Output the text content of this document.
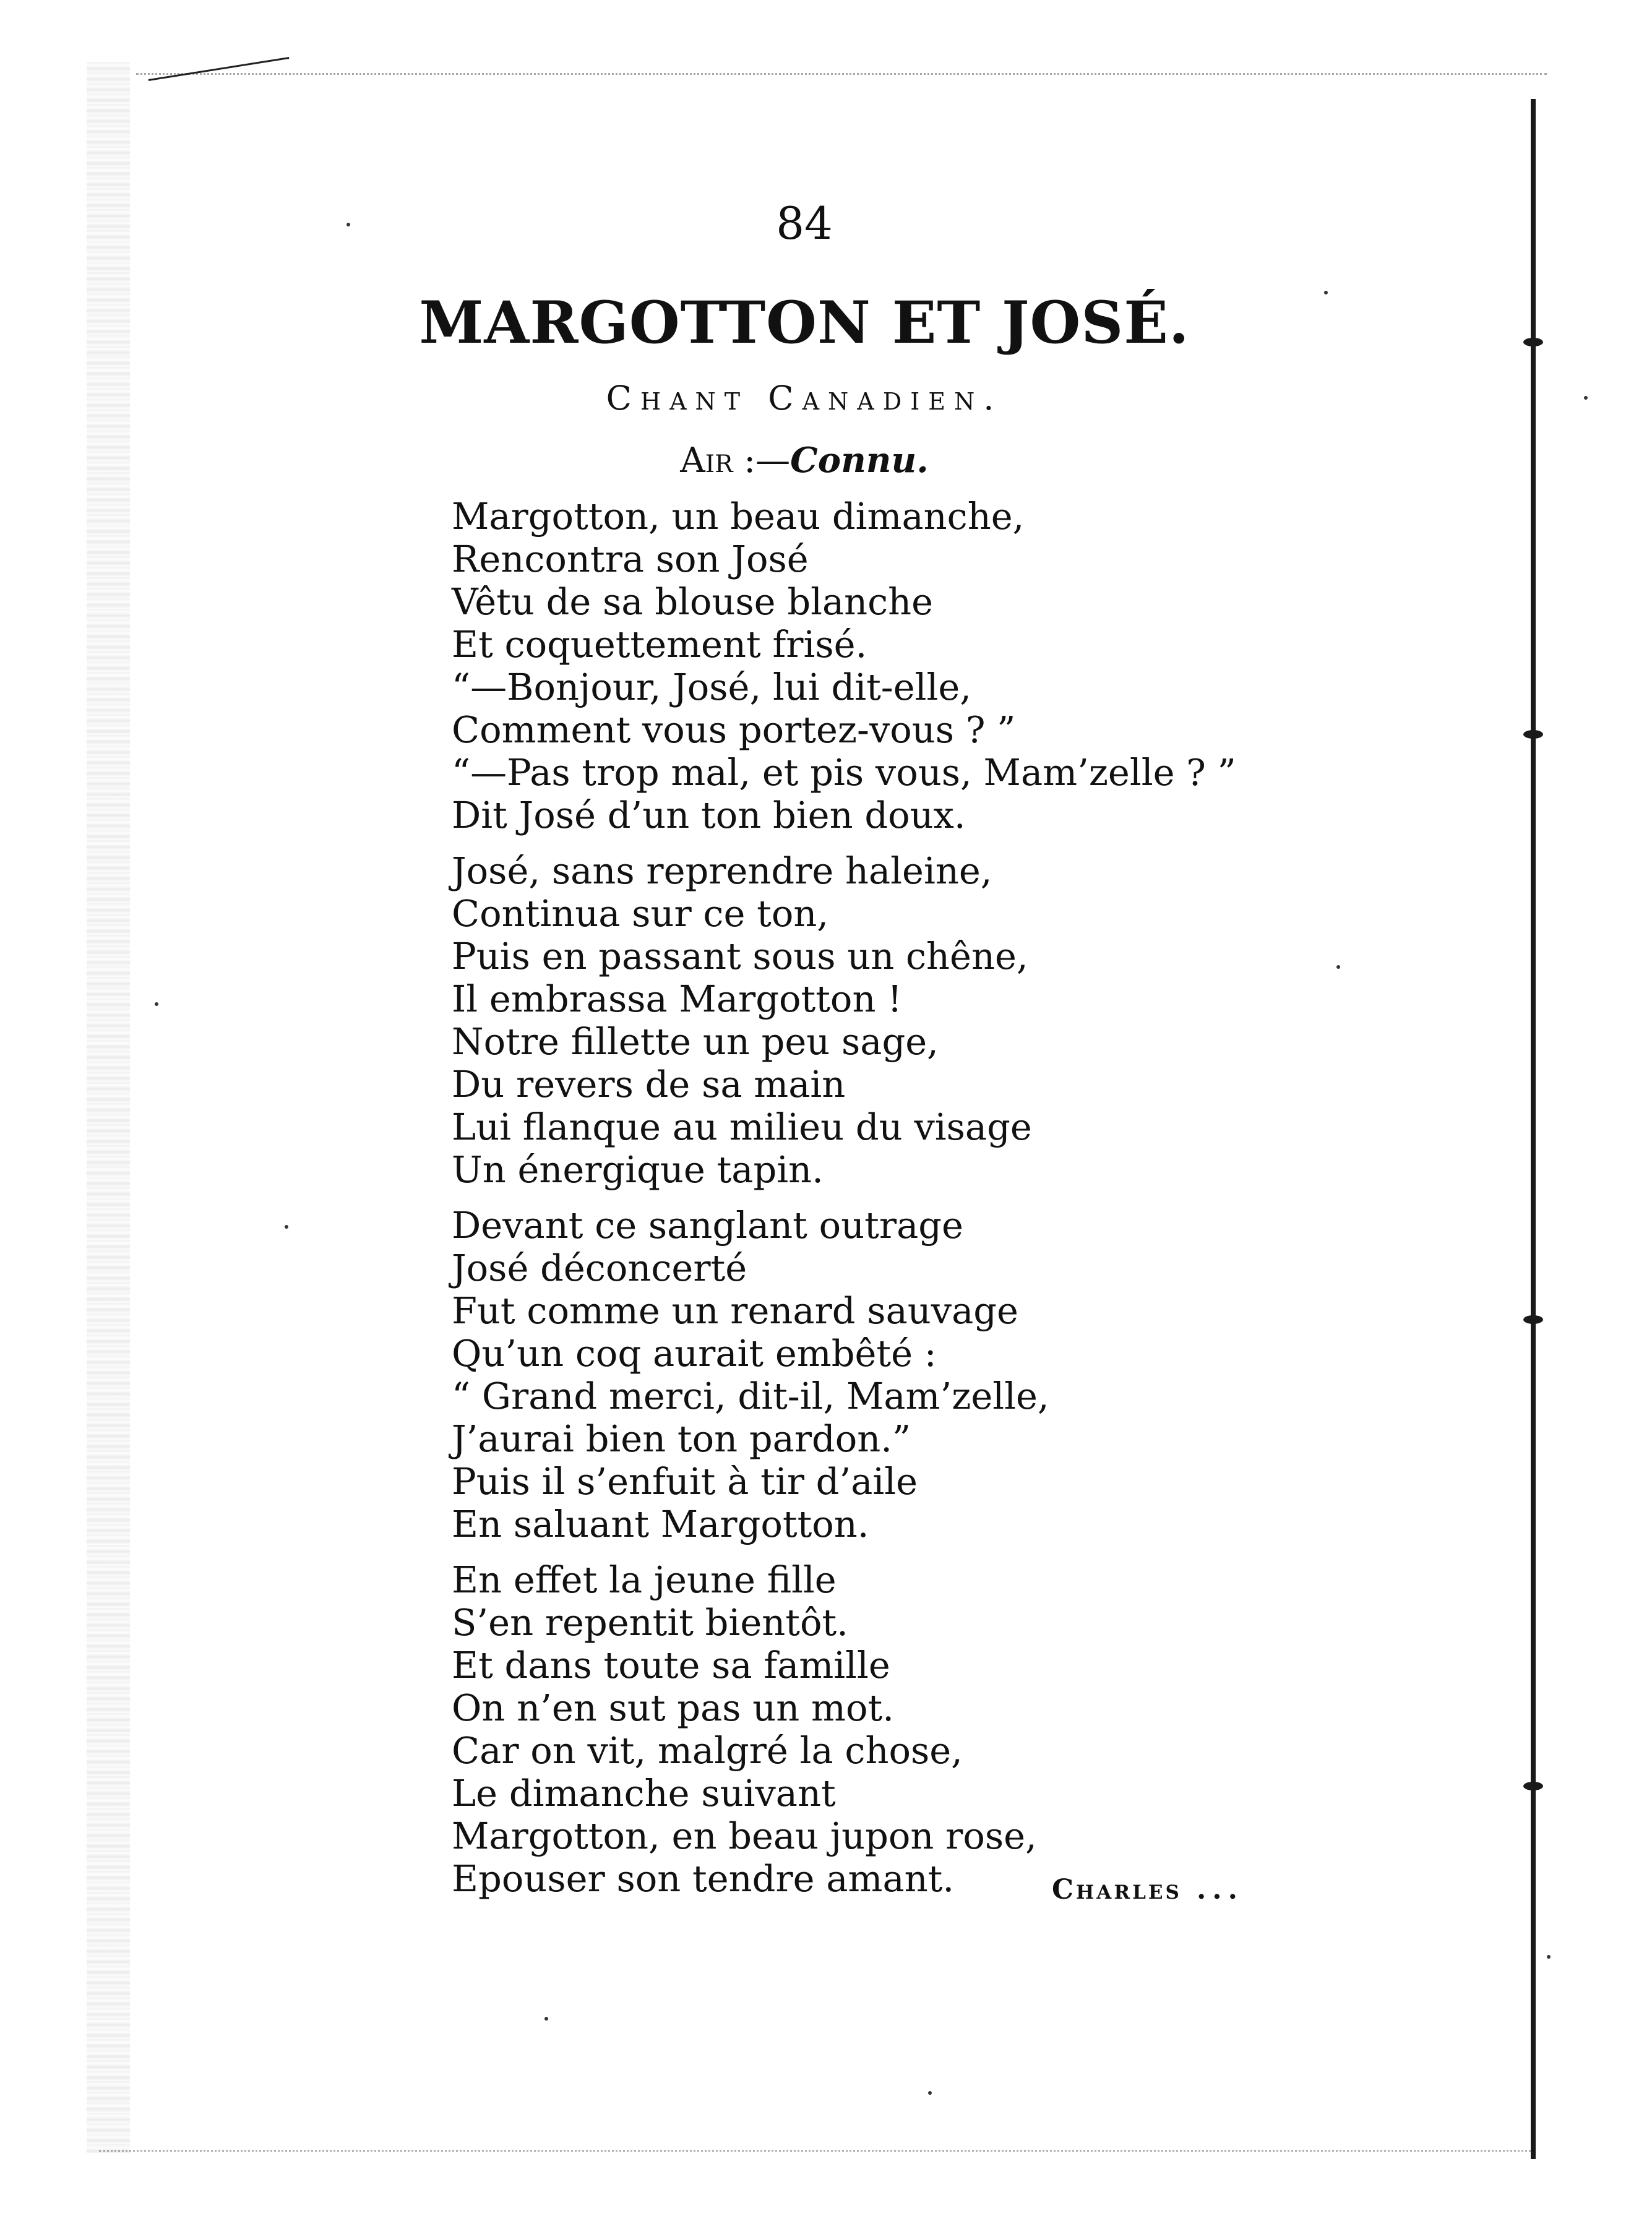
84
MARGOTTON ET JOSÉ.
Chant Canadien.
Air :—Connu.
Margotton, un beau dimanche,
Rencontra son José
Vêtu de sa blouse blanche
Et coquettement frisé.
“—Bonjour, José, lui dit-elle,
Comment vous portez-vous ? ”
“—Pas trop mal, et pis vous, Mam’zelle ? ”
Dit José d’un ton bien doux.
José, sans reprendre haleine,
Continua sur ce ton,
Puis en passant sous un chêne,
Il embrassa Margotton !
Notre fillette un peu sage,
Du revers de sa main
Lui flanque au milieu du visage
Un énergique tapin.
Devant ce sanglant outrage
José déconcerté
Fut comme un renard sauvage
Qu’un coq aurait embêté :
“ Grand merci, dit-il, Mam’zelle,
J’aurai bien ton pardon.”
Puis il s’enfuit à tir d’aile
En saluant Margotton.
En effet la jeune fille
S’en repentit bientôt.
Et dans toute sa famille
On n’en sut pas un mot.
Car on vit, malgré la chose,
Le dimanche suivant
Margotton, en beau jupon rose,
Epouser son tendre amant.	Charles ...
